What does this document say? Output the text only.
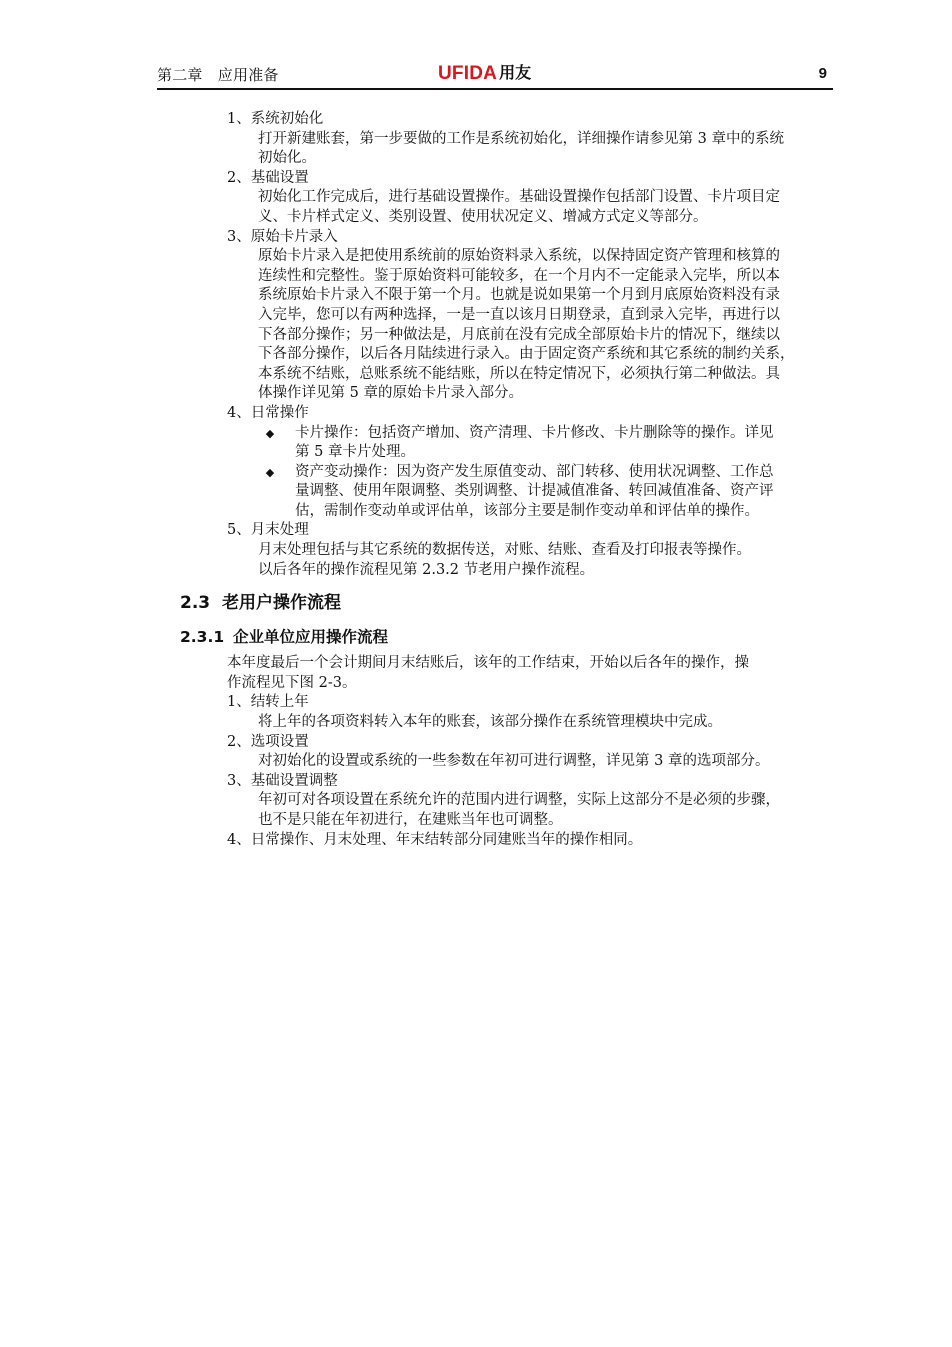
第二章　应用准备	UFIDA 用友	9
1、系统初始化
打开新建账套，第一步要做的工作是系统初始化，详细操作请参见第 3 章中的系统
初始化。
2、基础设置
初始化工作完成后，进行基础设置操作。基础设置操作包括部门设置、卡片项目定
义、卡片样式定义、类别设置、使用状况定义、增减方式定义等部分。
3、原始卡片录入
原始卡片录入是把使用系统前的原始资料录入系统，以保持固定资产管理和核算的
连续性和完整性。鉴于原始资料可能较多，在一个月内不一定能录入完毕，所以本
系统原始卡片录入不限于第一个月。也就是说如果第一个月到月底原始资料没有录
入完毕，您可以有两种选择，一是一直以该月日期登录，直到录入完毕，再进行以
下各部分操作；另一种做法是，月底前在没有完成全部原始卡片的情况下，继续以
下各部分操作，以后各月陆续进行录入。由于固定资产系统和其它系统的制约关系，
本系统不结账，总账系统不能结账，所以在特定情况下，必须执行第二种做法。具
体操作详见第 5 章的原始卡片录入部分。
4、日常操作
◆ 卡片操作：包括资产增加、资产清理、卡片修改、卡片删除等的操作。详见
第 5 章卡片处理。
◆ 资产变动操作：因为资产发生原值变动、部门转移、使用状况调整、工作总
量调整、使用年限调整、类别调整、计提减值准备、转回减值准备、资产评
估，需制作变动单或评估单，该部分主要是制作变动单和评估单的操作。
5、月末处理
月末处理包括与其它系统的数据传送，对账、结账、查看及打印报表等操作。
以后各年的操作流程见第 2.3.2 节老用户操作流程。
2.3 老用户操作流程
2.3.1 企业单位应用操作流程
本年度最后一个会计期间月末结账后，该年的工作结束，开始以后各年的操作，操
作流程见下图 2-3。
1、结转上年
将上年的各项资料转入本年的账套，该部分操作在系统管理模块中完成。
2、选项设置
对初始化的设置或系统的一些参数在年初可进行调整，详见第 3 章的选项部分。
3、基础设置调整
年初可对各项设置在系统允许的范围内进行调整，实际上这部分不是必须的步骤，
也不是只能在年初进行，在建账当年也可调整。
4、日常操作、月末处理、年末结转部分同建账当年的操作相同。
